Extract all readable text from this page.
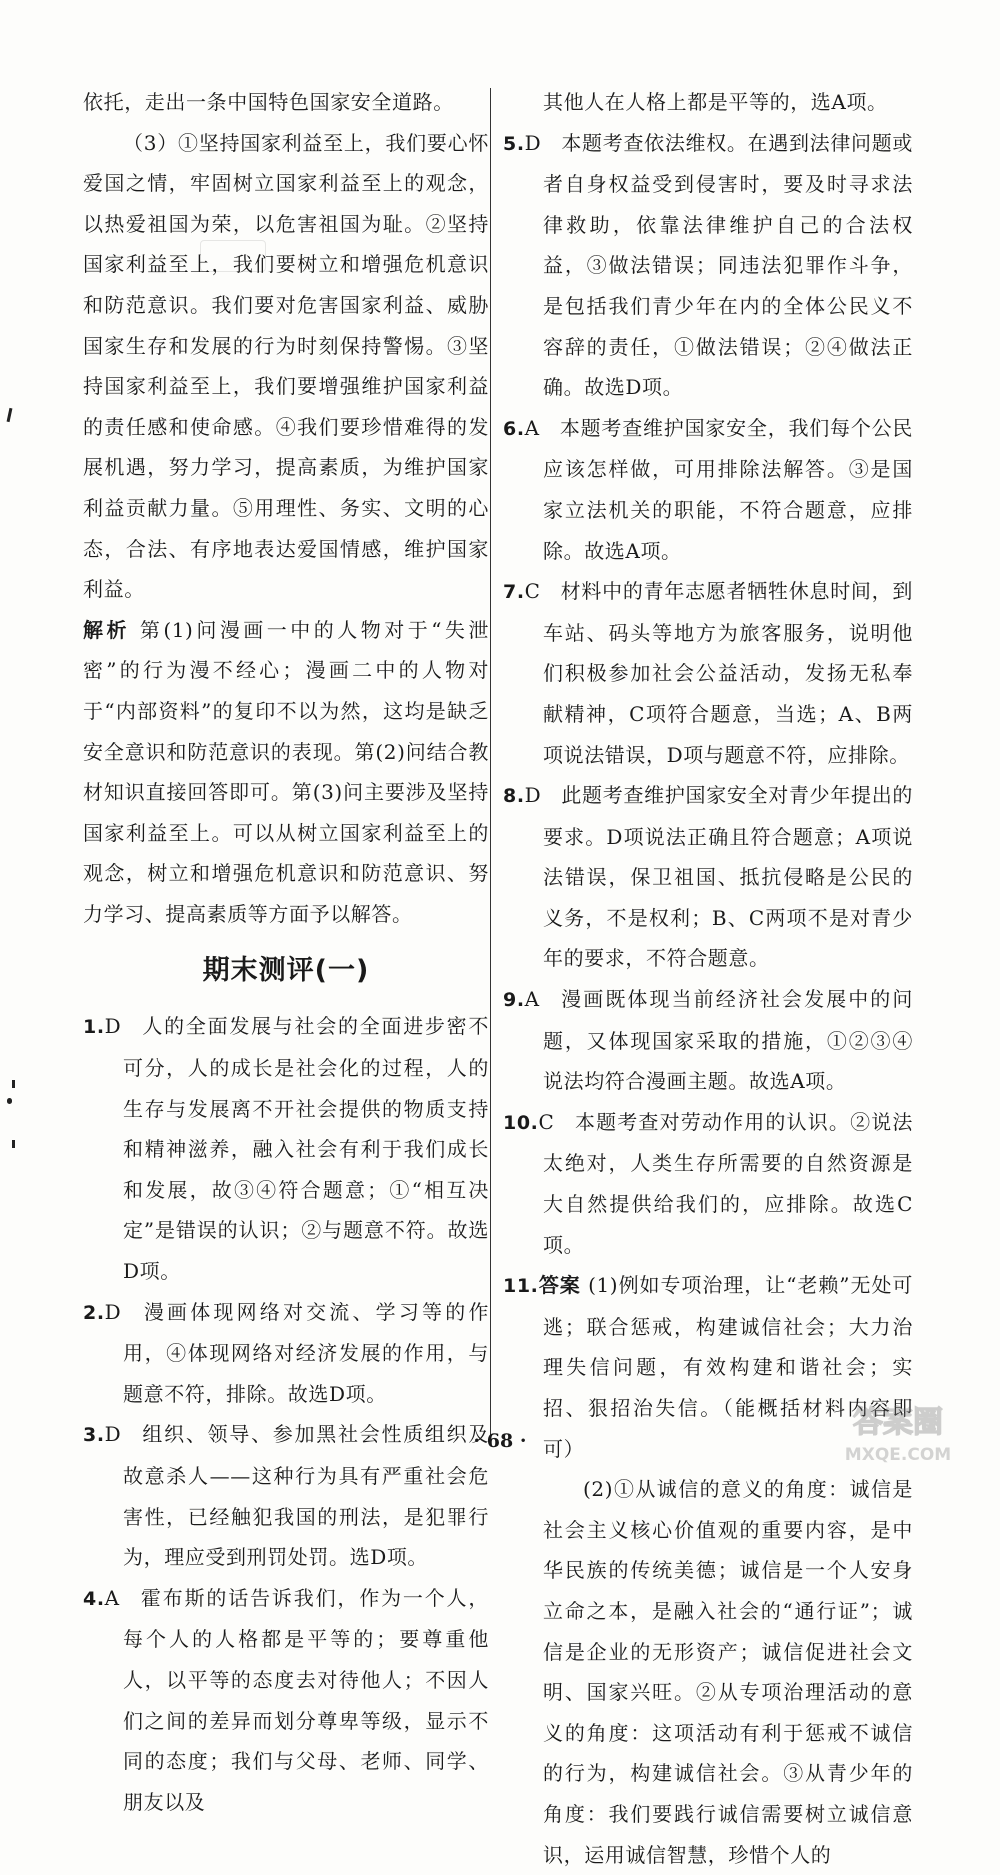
依托，走出一条中国特色国家安全道路。

（3）①坚持国家利益至上，我们要心怀爱国之情，牢固树立国家利益至上的观念，以热爱祖国为荣，以危害祖国为耻。②坚持国家利益至上，我们要树立和增强危机意识和防范意识。我们要对危害国家利益、威胁国家生存和发展的行为时刻保持警惕。③坚持国家利益至上，我们要增强维护国家利益的责任感和使命感。④我们要珍惜难得的发展机遇，努力学习，提高素质，为维护国家利益贡献力量。⑤用理性、务实、文明的心态，合法、有序地表达爱国情感，维护国家利益。

解析 第(1)问漫画一中的人物对于“失泄密”的行为漫不经心；漫画二中的人物对于“内部资料”的复印不以为然，这均是缺乏安全意识和防范意识的表现。第(2)问结合教材知识直接回答即可。第(3)问主要涉及坚持国家利益至上。可以从树立国家利益至上的观念，树立和增强危机意识和防范意识、努力学习、提高素质等方面予以解答。

期末测评(一)

1.D 人的全面发展与社会的全面进步密不可分，人的成长是社会化的过程，人的生存与发展离不开社会提供的物质支持和精神滋养，融入社会有利于我们成长和发展，故③④符合题意；①“相互决定”是错误的认识；②与题意不符。故选D项。

2.D 漫画体现网络对交流、学习等的作用，④体现网络对经济发展的作用，与题意不符，排除。故选D项。

3.D 组织、领导、参加黑社会性质组织及故意杀人——这种行为具有严重社会危害性，已经触犯我国的刑法，是犯罪行为，理应受到刑罚处罚。选D项。

4.A 霍布斯的话告诉我们，作为一个人，每个人的人格都是平等的；要尊重他人，以平等的态度去对待他人；不因人们之间的差异而划分尊卑等级，显示不同的态度；我们与父母、老师、同学、朋友以及

其他人在人格上都是平等的，选A项。

5.D 本题考查依法维权。在遇到法律问题或者自身权益受到侵害时，要及时寻求法律救助，依靠法律维护自己的合法权益，③做法错误；同违法犯罪作斗争，是包括我们青少年在内的全体公民义不容辞的责任，①做法错误；②④做法正确。故选D项。

6.A 本题考查维护国家安全，我们每个公民应该怎样做，可用排除法解答。③是国家立法机关的职能，不符合题意，应排除。故选A项。

7.C 材料中的青年志愿者牺牲休息时间，到车站、码头等地方为旅客服务，说明他们积极参加社会公益活动，发扬无私奉献精神，C项符合题意，当选；A、B两项说法错误，D项与题意不符，应排除。

8.D 此题考查维护国家安全对青少年提出的要求。D项说法正确且符合题意；A项说法错误，保卫祖国、抵抗侵略是公民的义务，不是权利；B、C两项不是对青少年的要求，不符合题意。

9.A 漫画既体现当前经济社会发展中的问题，又体现国家采取的措施，①②③④说法均符合漫画主题。故选A项。

10.C 本题考查对劳动作用的认识。②说法太绝对，人类生存所需要的自然资源是大自然提供给我们的，应排除。故选C项。

11.答案 (1)例如专项治理，让“老赖”无处可逃；联合惩戒，构建诚信社会；大力治理失信问题，有效构建和谐社会；实招、狠招治失信。（能概括材料内容即可）

(2)①从诚信的意义的角度：诚信是社会主义核心价值观的重要内容，是中华民族的传统美德；诚信是一个人安身立命之本，是融入社会的“通行证”；诚信是企业的无形资产；诚信促进社会文明、国家兴旺。②从专项治理活动的意义的角度：这项活动有利于惩戒不诚信的行为，构建诚信社会。③从青少年的角度：我们要践行诚信需要树立诚信意识，运用诚信智慧，珍惜个人的

· 68 ·
答案圈
MXQE.COM
